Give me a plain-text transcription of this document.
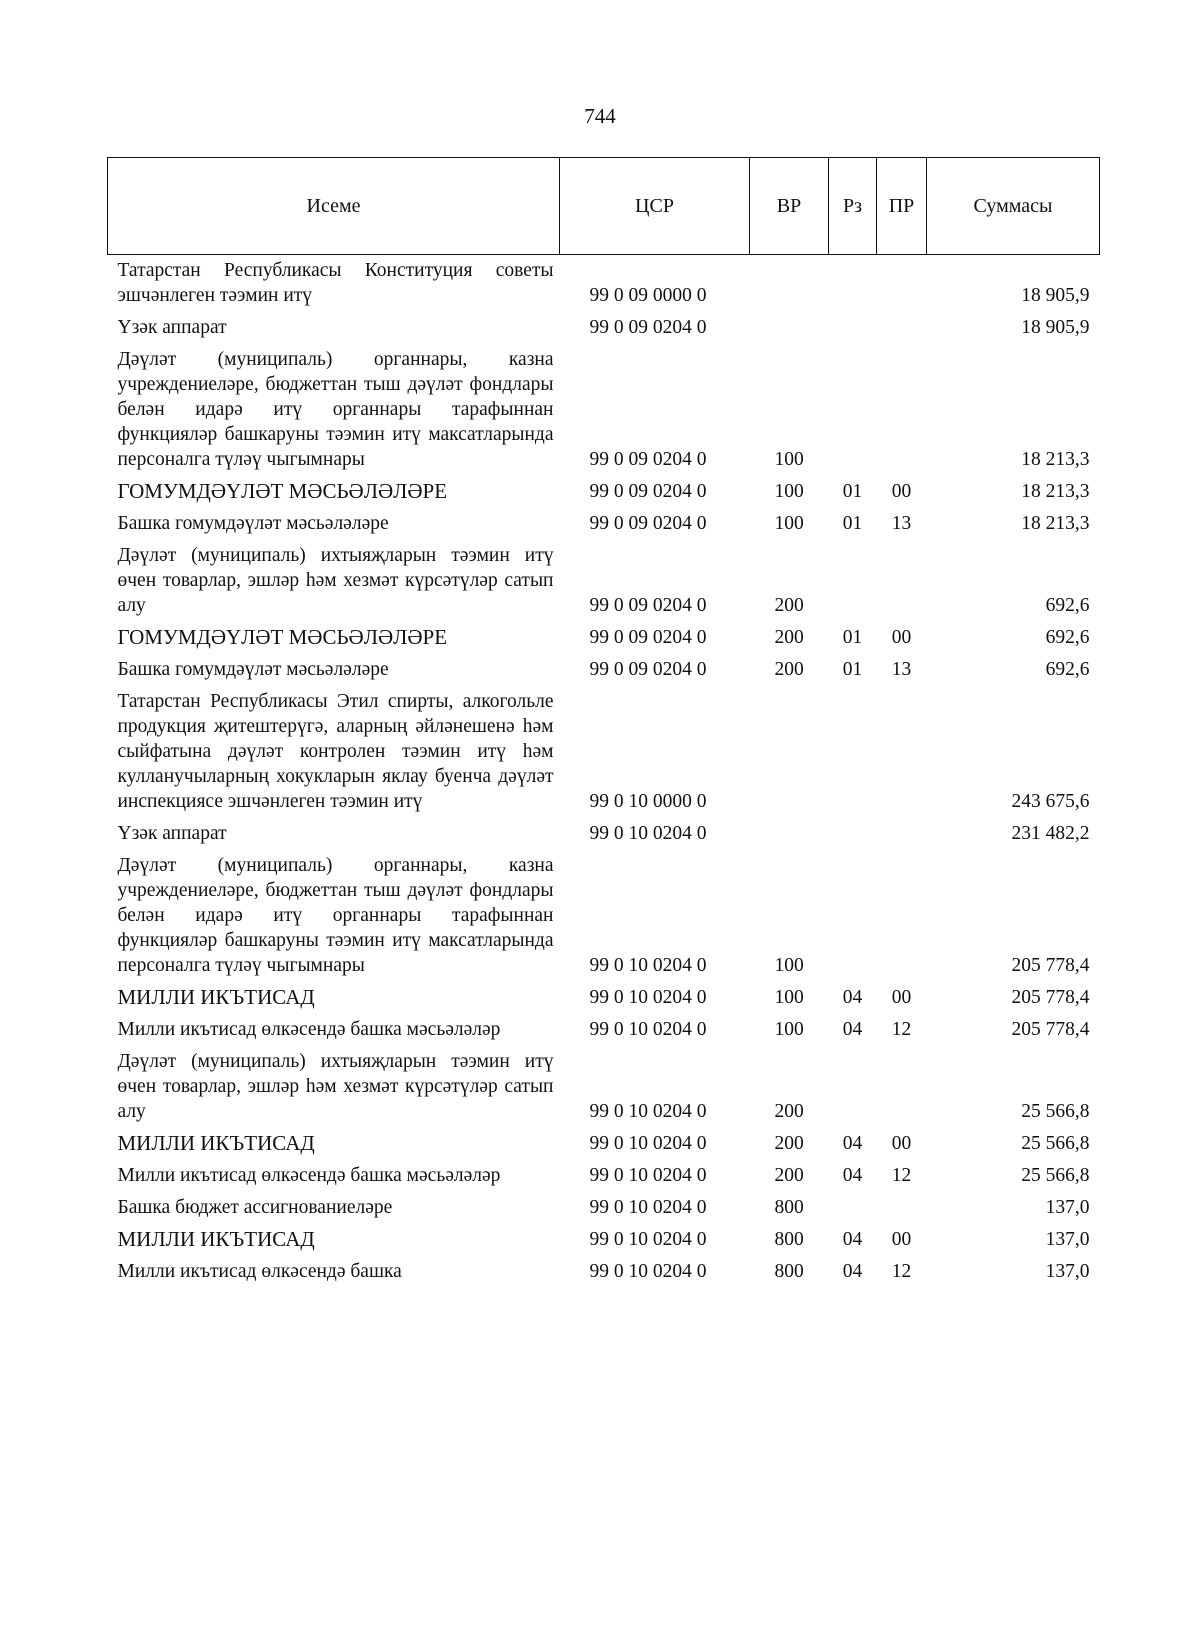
744
Исеме	ЦСР	ВР	Рз	ПР	Суммасы
Татарстан Республикасы Конституция советы эшчәнлеген тәэмин итү	99 0 09 0000 0				18 905,9
Үзәк аппарат	99 0 09 0204 0				18 905,9
Дәүләт (муниципаль) органнары, казна учреждениеләре, бюджеттан тыш дәүләт фондлары белән идарә итү органнары тарафыннан функцияләр башкаруны тәэмин итү максатларында персоналга түләү чыгымнары	99 0 09 0204 0	100			18 213,3
ГОМУМДӘҮЛӘТ МӘСЬӘЛӘЛӘРЕ	99 0 09 0204 0	100	01	00	18 213,3
Башка гомумдәүләт мәсьәләләре	99 0 09 0204 0	100	01	13	18 213,3
Дәүләт (муниципаль) ихтыяҗларын тәэмин итү өчен товарлар, эшләр һәм хезмәт күрсәтүләр сатып алу	99 0 09 0204 0	200			692,6
ГОМУМДӘҮЛӘТ МӘСЬӘЛӘЛӘРЕ	99 0 09 0204 0	200	01	00	692,6
Башка гомумдәүләт мәсьәләләре	99 0 09 0204 0	200	01	13	692,6
Татарстан Республикасы Этил спирты, алкогольле продукция җитештерүгә, аларның әйләнешенә һәм сыйфатына дәүләт контролен тәэмин итү һәм кулланучыларның хокукларын яклау буенча дәүләт инспекциясе эшчәнлеген тәэмин итү	99 0 10 0000 0				243 675,6
Үзәк аппарат	99 0 10 0204 0				231 482,2
Дәүләт (муниципаль) органнары, казна учреждениеләре, бюджеттан тыш дәүләт фондлары белән идарә итү органнары тарафыннан функцияләр башкаруны тәэмин итү максатларында персоналга түләү чыгымнары	99 0 10 0204 0	100			205 778,4
МИЛЛИ ИКЪТИСАД	99 0 10 0204 0	100	04	00	205 778,4
Милли икътисад өлкәсендә башка мәсьәләләр	99 0 10 0204 0	100	04	12	205 778,4
Дәүләт (муниципаль) ихтыяҗларын тәэмин итү өчен товарлар, эшләр һәм хезмәт күрсәтүләр сатып алу	99 0 10 0204 0	200			25 566,8
МИЛЛИ ИКЪТИСАД	99 0 10 0204 0	200	04	00	25 566,8
Милли икътисад өлкәсендә башка мәсьәләләр	99 0 10 0204 0	200	04	12	25 566,8
Башка бюджет ассигнованиеләре	99 0 10 0204 0	800			137,0
МИЛЛИ ИКЪТИСАД	99 0 10 0204 0	800	04	00	137,0
Милли икътисад өлкәсендә башка	99 0 10 0204 0	800	04	12	137,0
